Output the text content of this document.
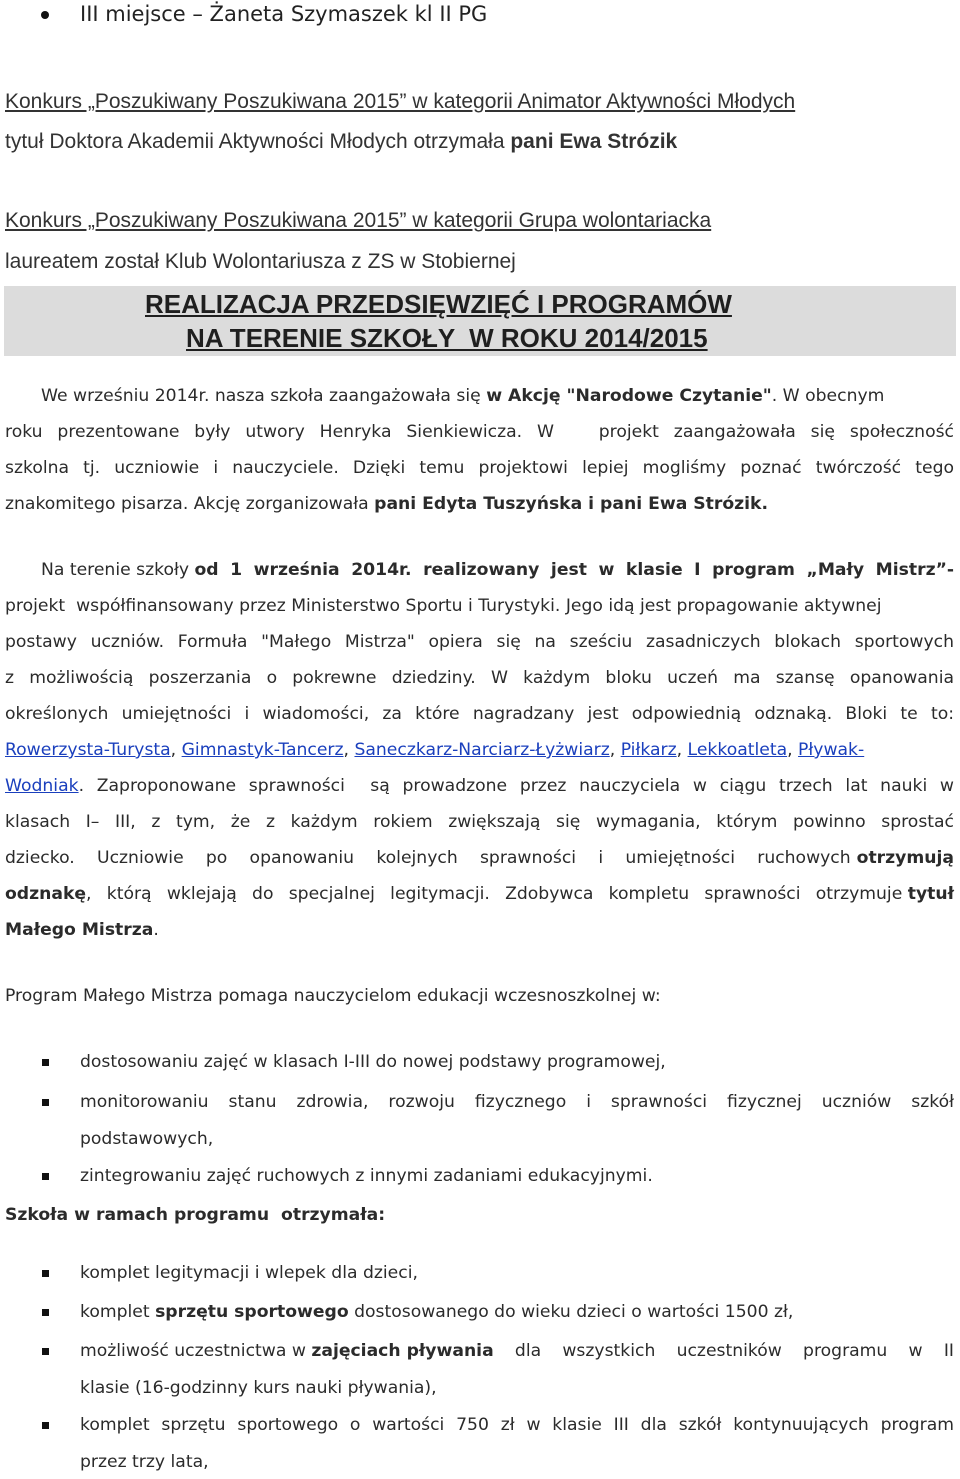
III miejsce – Żaneta Szymaszek kl II PG
Konkurs „Poszukiwany Poszukiwana 2015” w kategorii Animator Aktywności Młodych
tytuł Doktora Akademii Aktywności Młodych otrzymała pani Ewa Strózik
Konkurs „Poszukiwany Poszukiwana 2015” w kategorii Grupa wolontariacka
laureatem został Klub Wolontariusza z ZS w Stobiernej
REALIZACJA PRZEDSIĘWZIĘĆ I PROGRAMÓW
NA TERENIE SZKOŁY  W ROKU 2014/2015
We wrześniu 2014r. nasza szkoła zaangażowała się w Akcję "Narodowe Czytanie". W obecnym
roku prezentowane były utwory Henryka Sienkiewicza. W   projekt zaangażowała się społeczność
szkolna tj. uczniowie i nauczyciele. Dzięki temu projektowi lepiej mogliśmy poznać twórczość tego
znakomitego pisarza. Akcję zorganizowała pani Edyta Tuszyńska i pani Ewa Strózik.
Na terenie szkoły od 1 września 2014r. realizowany jest w klasie I program „Mały Mistrz”-
projekt  współfinansowany przez Ministerstwo Sportu i Turystyki. Jego idą jest propagowanie aktywnej
postawy uczniów. Formuła "Małego Mistrza" opiera się na sześciu zasadniczych blokach sportowych
z możliwością poszerzania o pokrewne dziedziny. W każdym bloku uczeń ma szansę opanowania
określonych umiejętności i wiadomości, za które nagradzany jest odpowiednią odznaką. Bloki te to:
Rowerzysta-Turysta, Gimnastyk-Tancerz, Saneczkarz-Narciarz-Łyżwiarz, Piłkarz, Lekkoatleta, Pływak-
Wodniak . Zaproponowane sprawności  są prowadzone przez nauczyciela w ciągu trzech lat nauki w
klasach I– III, z tym, że z każdym rokiem zwiększają się wymagania, którym powinno sprostać
dziecko. Uczniowie po opanowaniu kolejnych sprawności i umiejętności ruchowych otrzymują
odznakę , którą wklejają do specjalnej legitymacji. Zdobywca kompletu sprawności otrzymuje tytuł
Małego Mistrza.
Program Małego Mistrza pomaga nauczycielom edukacji wczesnoszkolnej w:
dostosowaniu zajęć w klasach I-III do nowej podstawy programowej,
monitorowaniu stanu zdrowia, rozwoju fizycznego i sprawności fizycznej uczniów szkół
podstawowych,
zintegrowaniu zajęć ruchowych z innymi zadaniami edukacyjnymi.
Szkoła w ramach programu  otrzymała:
komplet legitymacji i wlepek dla dzieci,
komplet sprzętu sportowego dostosowanego do wieku dzieci o wartości 1500 zł,
możliwość uczestnictwa w zajęciach pływania dla wszystkich uczestników programu w II
klasie (16-godzinny kurs nauki pływania),
komplet sprzętu sportowego o wartości 750 zł w klasie III dla szkół kontynuujących program
przez trzy lata,
